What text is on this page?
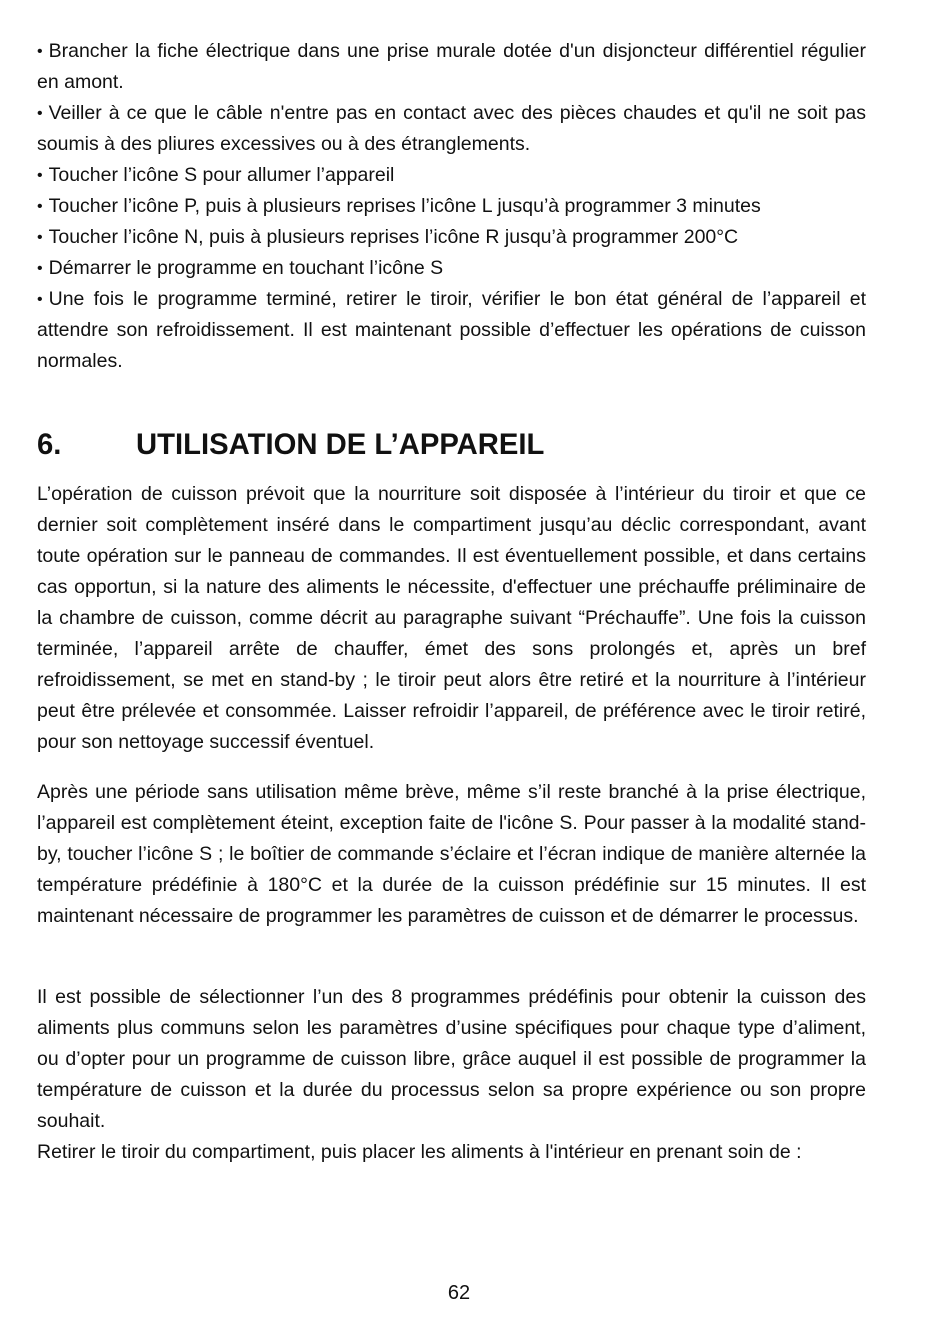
• Brancher la fiche électrique dans une prise murale dotée d'un disjoncteur différentiel régulier en amont.
• Veiller à ce que le câble n'entre pas en contact avec des pièces chaudes et qu'il ne soit pas soumis à des pliures excessives ou à des étranglements.
• Toucher l’icône S pour allumer l’appareil
• Toucher l’icône P, puis à plusieurs reprises l’icône L jusqu’à programmer 3 minutes
• Toucher l’icône N, puis à plusieurs reprises l’icône R jusqu’à programmer 200°C
• Démarrer le programme en touchant l’icône S
• Une fois le programme terminé, retirer le tiroir, vérifier le bon état général de l’appareil et attendre son refroidissement. Il est maintenant possible d’effectuer les opérations de cuisson normales.
6.	UTILISATION DE L’APPAREIL

L’opération de cuisson prévoit que la nourriture soit disposée à l’intérieur du tiroir et que ce dernier soit complètement inséré dans le compartiment jusqu’au déclic correspondant, avant toute opération sur le panneau de commandes. Il est éventuellement possible, et dans certains cas opportun, si la nature des aliments le nécessite, d'effectuer une préchauffe préliminaire de la chambre de cuisson, comme décrit au paragraphe suivant “Préchauffe”. Une fois la cuisson terminée, l’appareil arrête de chauffer, émet des sons prolongés et, après un bref refroidissement, se met en stand-by ; le tiroir peut alors être retiré et la nourriture à l’intérieur peut être prélevée et consommée. Laisser refroidir l’appareil, de préférence avec le tiroir retiré, pour son nettoyage successif éventuel.

Après une période sans utilisation même brève, même s’il reste branché à la prise électrique, l’appareil est complètement éteint, exception faite de l'icône S. Pour passer à la modalité stand-by, toucher l’icône S ; le boîtier de commande s’éclaire et l’écran indique de manière alternée la température prédéfinie à 180°C et la durée de la cuisson prédéfinie sur 15 minutes. Il est maintenant nécessaire de programmer les paramètres de cuisson et de démarrer le processus.

Il est possible de sélectionner l’un des 8 programmes prédéfinis pour obtenir la cuisson des aliments plus communs selon les paramètres d’usine spécifiques pour chaque type d’aliment, ou d’opter pour un programme de cuisson libre, grâce auquel il est possible de programmer la température de cuisson et la durée du processus selon sa propre expérience ou son propre souhait.

Retirer le tiroir du compartiment, puis placer les aliments à l'intérieur en prenant soin de :

62
